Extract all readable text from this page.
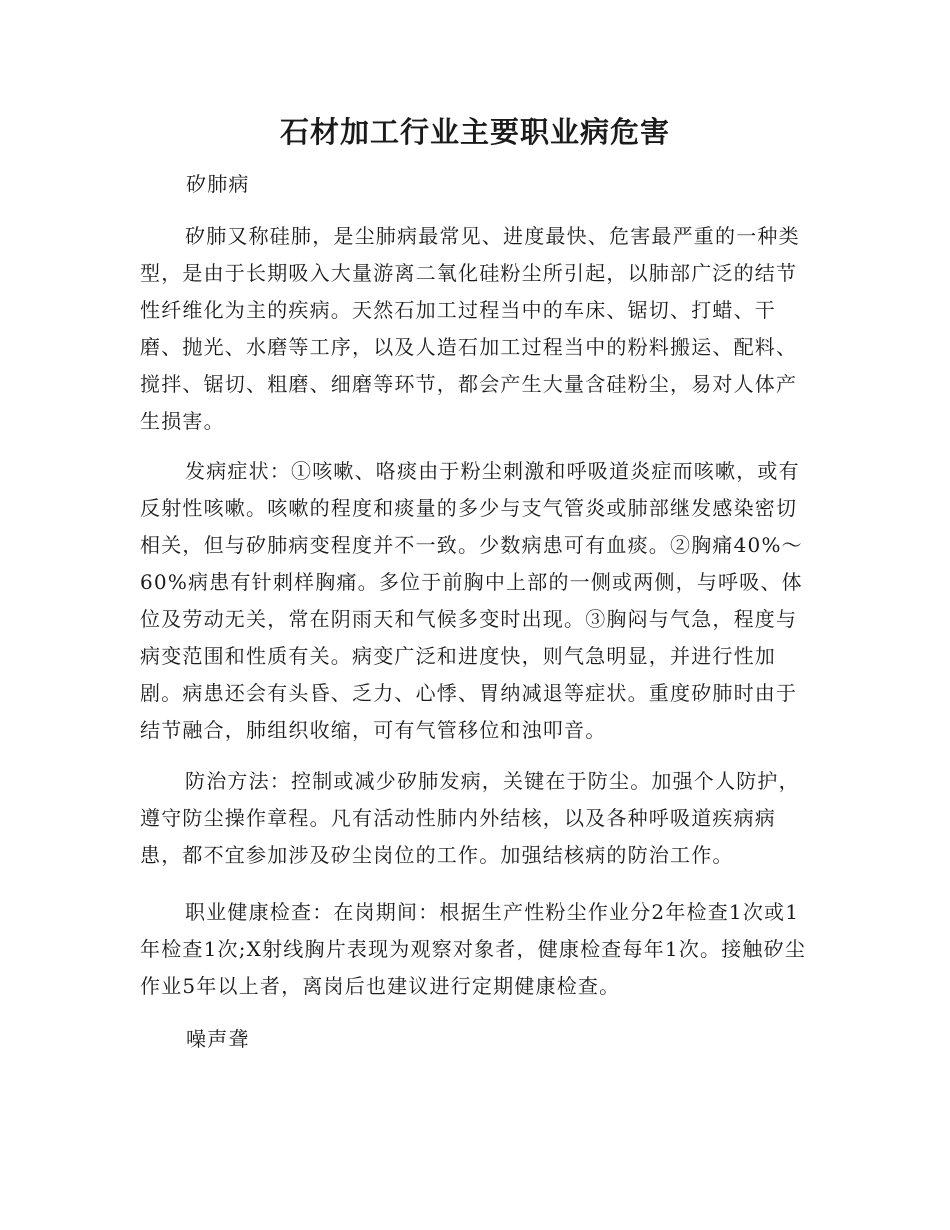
石材加工行业主要职业病危害

矽肺病

矽肺又称硅肺，是尘肺病最常见、进度最快、危害最严重的一种类型，是由于长期吸入大量游离二氧化硅粉尘所引起，以肺部广泛的结节性纤维化为主的疾病。天然石加工过程当中的车床、锯切、打蜡、干磨、抛光、水磨等工序，以及人造石加工过程当中的粉料搬运、配料、搅拌、锯切、粗磨、细磨等环节，都会产生大量含硅粉尘，易对人体产生损害。

发病症状：①咳嗽、咯痰由于粉尘刺激和呼吸道炎症而咳嗽，或有反射性咳嗽。咳嗽的程度和痰量的多少与支气管炎或肺部继发感染密切相关，但与矽肺病变程度并不一致。少数病患可有血痰。②胸痛40%～60%病患有针刺样胸痛。多位于前胸中上部的一侧或两侧，与呼吸、体位及劳动无关，常在阴雨天和气候多变时出现。③胸闷与气急，程度与病变范围和性质有关。病变广泛和进度快，则气急明显，并进行性加剧。病患还会有头昏、乏力、心悸、胃纳减退等症状。重度矽肺时由于结节融合，肺组织收缩，可有气管移位和浊叩音。

防治方法：控制或减少矽肺发病，关键在于防尘。加强个人防护，遵守防尘操作章程。凡有活动性肺内外结核，以及各种呼吸道疾病病患，都不宜参加涉及矽尘岗位的工作。加强结核病的防治工作。

职业健康检查：在岗期间：根据生产性粉尘作业分2年检查1次或1年检查1次;X射线胸片表现为观察对象者，健康检查每年1次。接触矽尘作业5年以上者，离岗后也建议进行定期健康检查。

噪声聋
